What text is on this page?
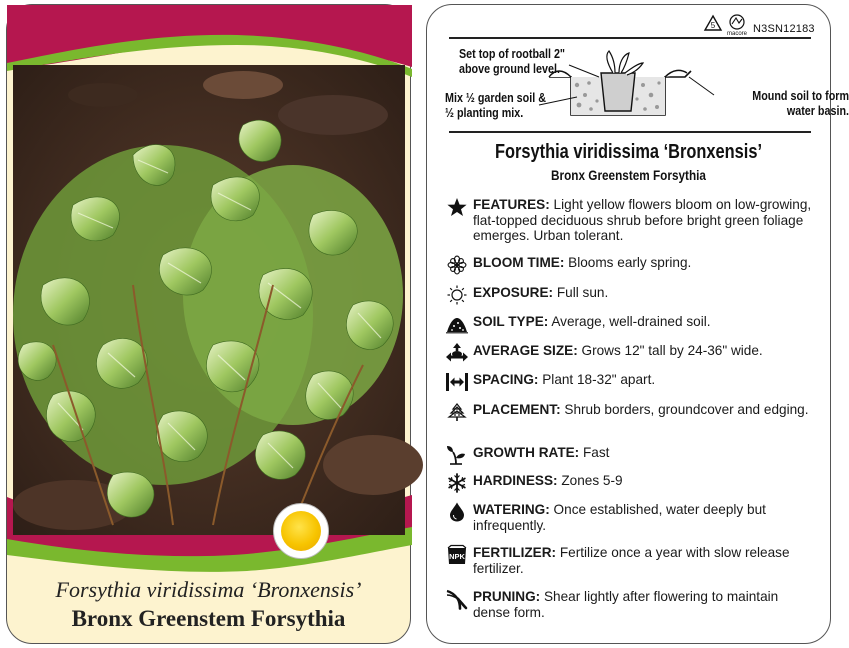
Forsythia viridissima ‘Bronxensis’
Bronx Greenstem Forsythia
5
macore N3SN12183
Set top of rootball 2" above ground level.
Mix ½ garden soil & ½ planting mix.
Mound soil to form water basin.
Forsythia viridissima ‘Bronxensis’
Bronx Greenstem Forsythia
FEATURES: Light yellow flowers bloom on low-growing, flat-topped deciduous shrub before bright green foliage emerges. Urban tolerant.
BLOOM TIME: Blooms early spring.
EXPOSURE: Full sun.
SOIL TYPE: Average, well-drained soil.
AVERAGE SIZE: Grows 12" tall by 24-36" wide.
SPACING: Plant 18-32" apart.
PLACEMENT: Shrub borders, groundcover and edging.
GROWTH RATE: Fast
HARDINESS: Zones 5-9
WATERING: Once established, water deeply but infrequently.
NPK FERTILIZER: Fertilize once a year with slow release fertilizer.
PRUNING: Shear lightly after flowering to maintain dense form.
